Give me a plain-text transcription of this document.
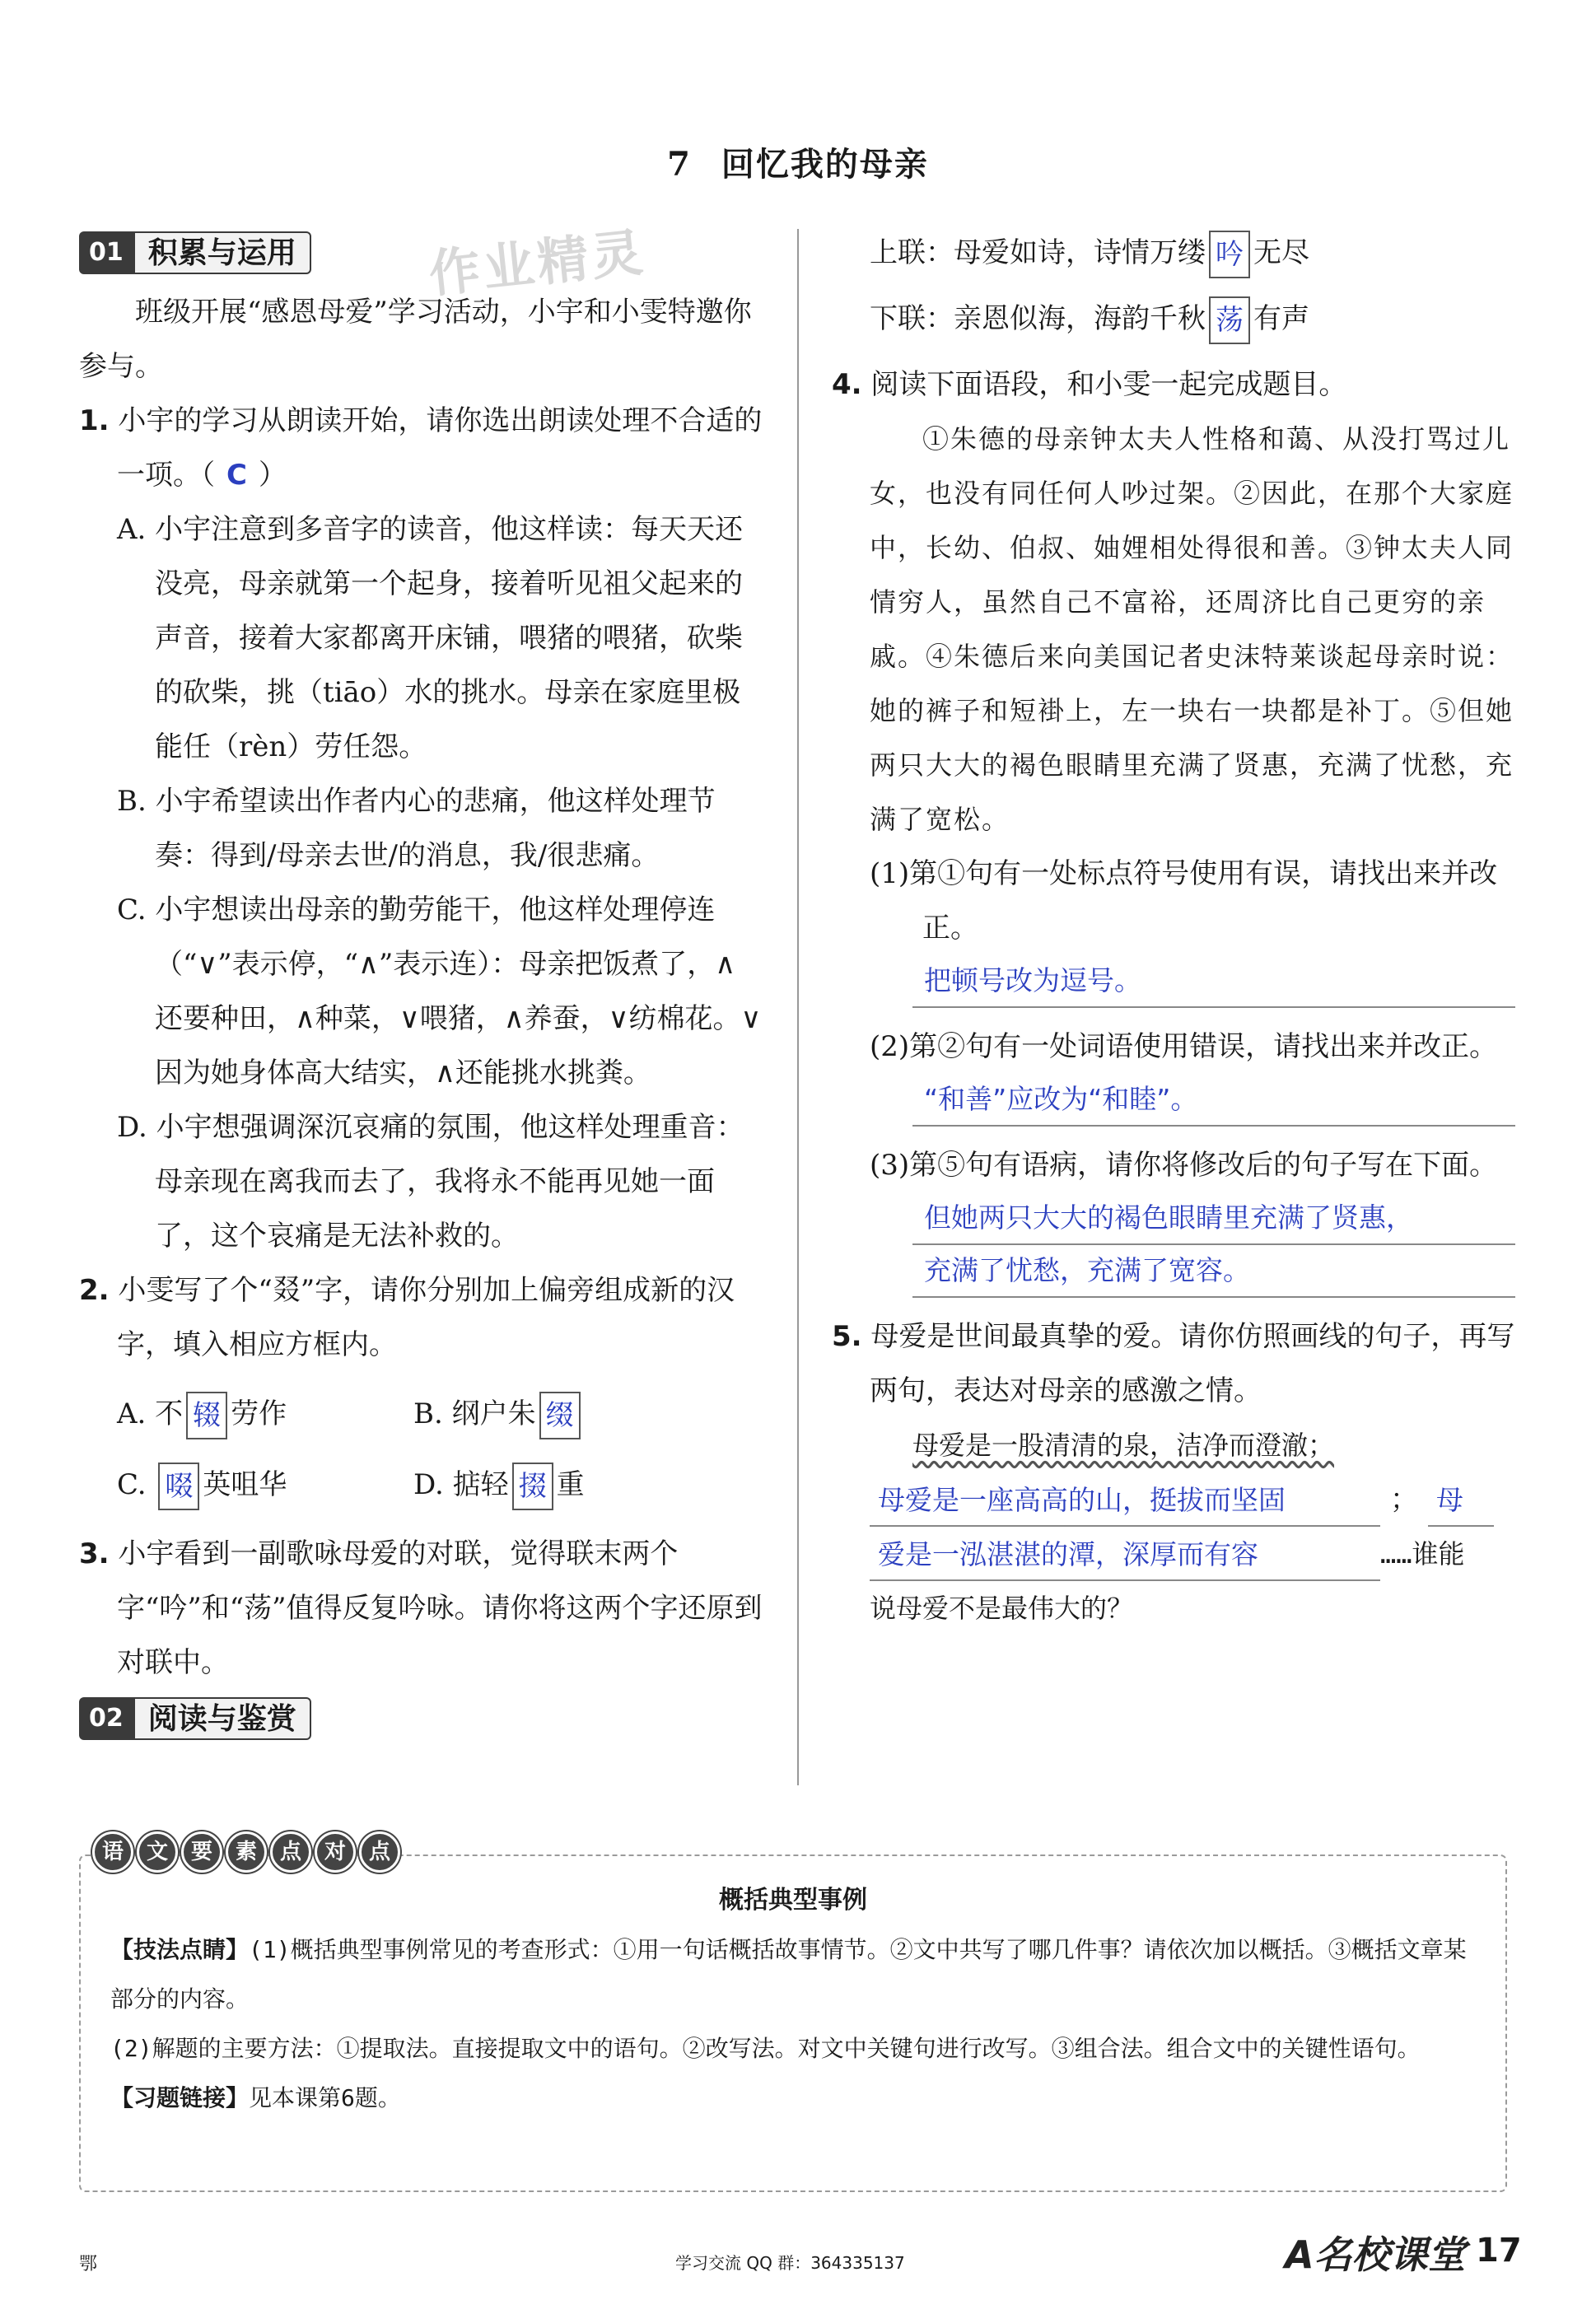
7 回忆我的母亲
作业精灵
01 积累与运用

班级开展“感恩母爱”学习活动，小宇和小雯特邀你参与。

1. 小宇的学习从朗读开始，请你选出朗读处理不合适的一项。（ C ）

A. 小宇注意到多音字的读音，他这样读：每天天还没亮，母亲就第一个起身，接着听见祖父起来的声音，接着大家都离开床铺，喂猪的喂猪，砍柴的砍柴，挑（tiāo）水的挑水。母亲在家庭里极能任（rèn）劳任怨。

B. 小宇希望读出作者内心的悲痛，他这样处理节奏：得到/母亲去世/的消息，我/很悲痛。

C. 小宇想读出母亲的勤劳能干，他这样处理停连（“∨”表示停，“∧”表示连）：母亲把饭煮了，∧还要种田，∧种菜，∨喂猪，∧养蚕，∨纺棉花。∨因为她身体高大结实，∧还能挑水挑粪。

D. 小宇想强调深沉哀痛的氛围，他这样处理重音：母亲现在离我而去了，我将永不能再见她一面了，这个哀痛是无法补救的。

2. 小雯写了个“叕”字，请你分别加上偏旁组成新的汉字，填入相应方框内。

A. 不 辍 劳作	B. 纲户朱 缀
C. 啜 英咀华	D. 掂轻 掇 重

3. 小宇看到一副歌咏母爱的对联，觉得联末两个字“吟”和“荡”值得反复吟咏。请你将这两个字还原到对联中。

02 阅读与鉴赏

上联：母爱如诗，诗情万缕 吟 无尽

下联：亲恩似海，海韵千秋 荡 有声

4. 阅读下面语段，和小雯一起完成题目。

①朱德的母亲钟太夫人性格和蔼、从没打骂过儿女，也没有同任何人吵过架。②因此，在那个大家庭中，长幼、伯叔、妯娌相处得很和善。③钟太夫人同情穷人，虽然自己不富裕，还周济比自己更穷的亲戚。④朱德后来向美国记者史沫特莱谈起母亲时说：她的裤子和短褂上，左一块右一块都是补丁。⑤但她两只大大的褐色眼睛里充满了贤惠，充满了忧愁，充满了宽松。

(1)第①句有一处标点符号使用有误，请找出来并改正。

把顿号改为逗号。

(2)第②句有一处词语使用错误，请找出来并改正。

“和善”应改为“和睦”。

(3)第⑤句有语病，请你将修改后的句子写在下面。

但她两只大大的褐色眼睛里充满了贤惠，
充满了忧愁，充满了宽容。

5. 母爱是世间最真挚的爱。请你仿照画线的句子，再写两句，表达对母亲的感激之情。

母爱是一股清清的泉，洁净而澄澈；

母爱是一座高高的山，挺拔而坚固	； 母
爱是一泓湛湛的潭，深厚而有容	……谁能

说母爱不是最伟大的？

语	文	要	素	点	对	点
概括典型事例

【技法点睛】(1)概括典型事例常见的考查形式：①用一句话概括故事情节。②文中共写了哪几件事？请依次加以概括。③概括文章某部分的内容。

(2)解题的主要方法：①提取法。直接提取文中的语句。②改写法。对文中关键句进行改写。③组合法。组合文中的关键性语句。

【习题链接】见本课第6题。

鄂	学习交流 QQ 群：364335137	A名校课堂 17
